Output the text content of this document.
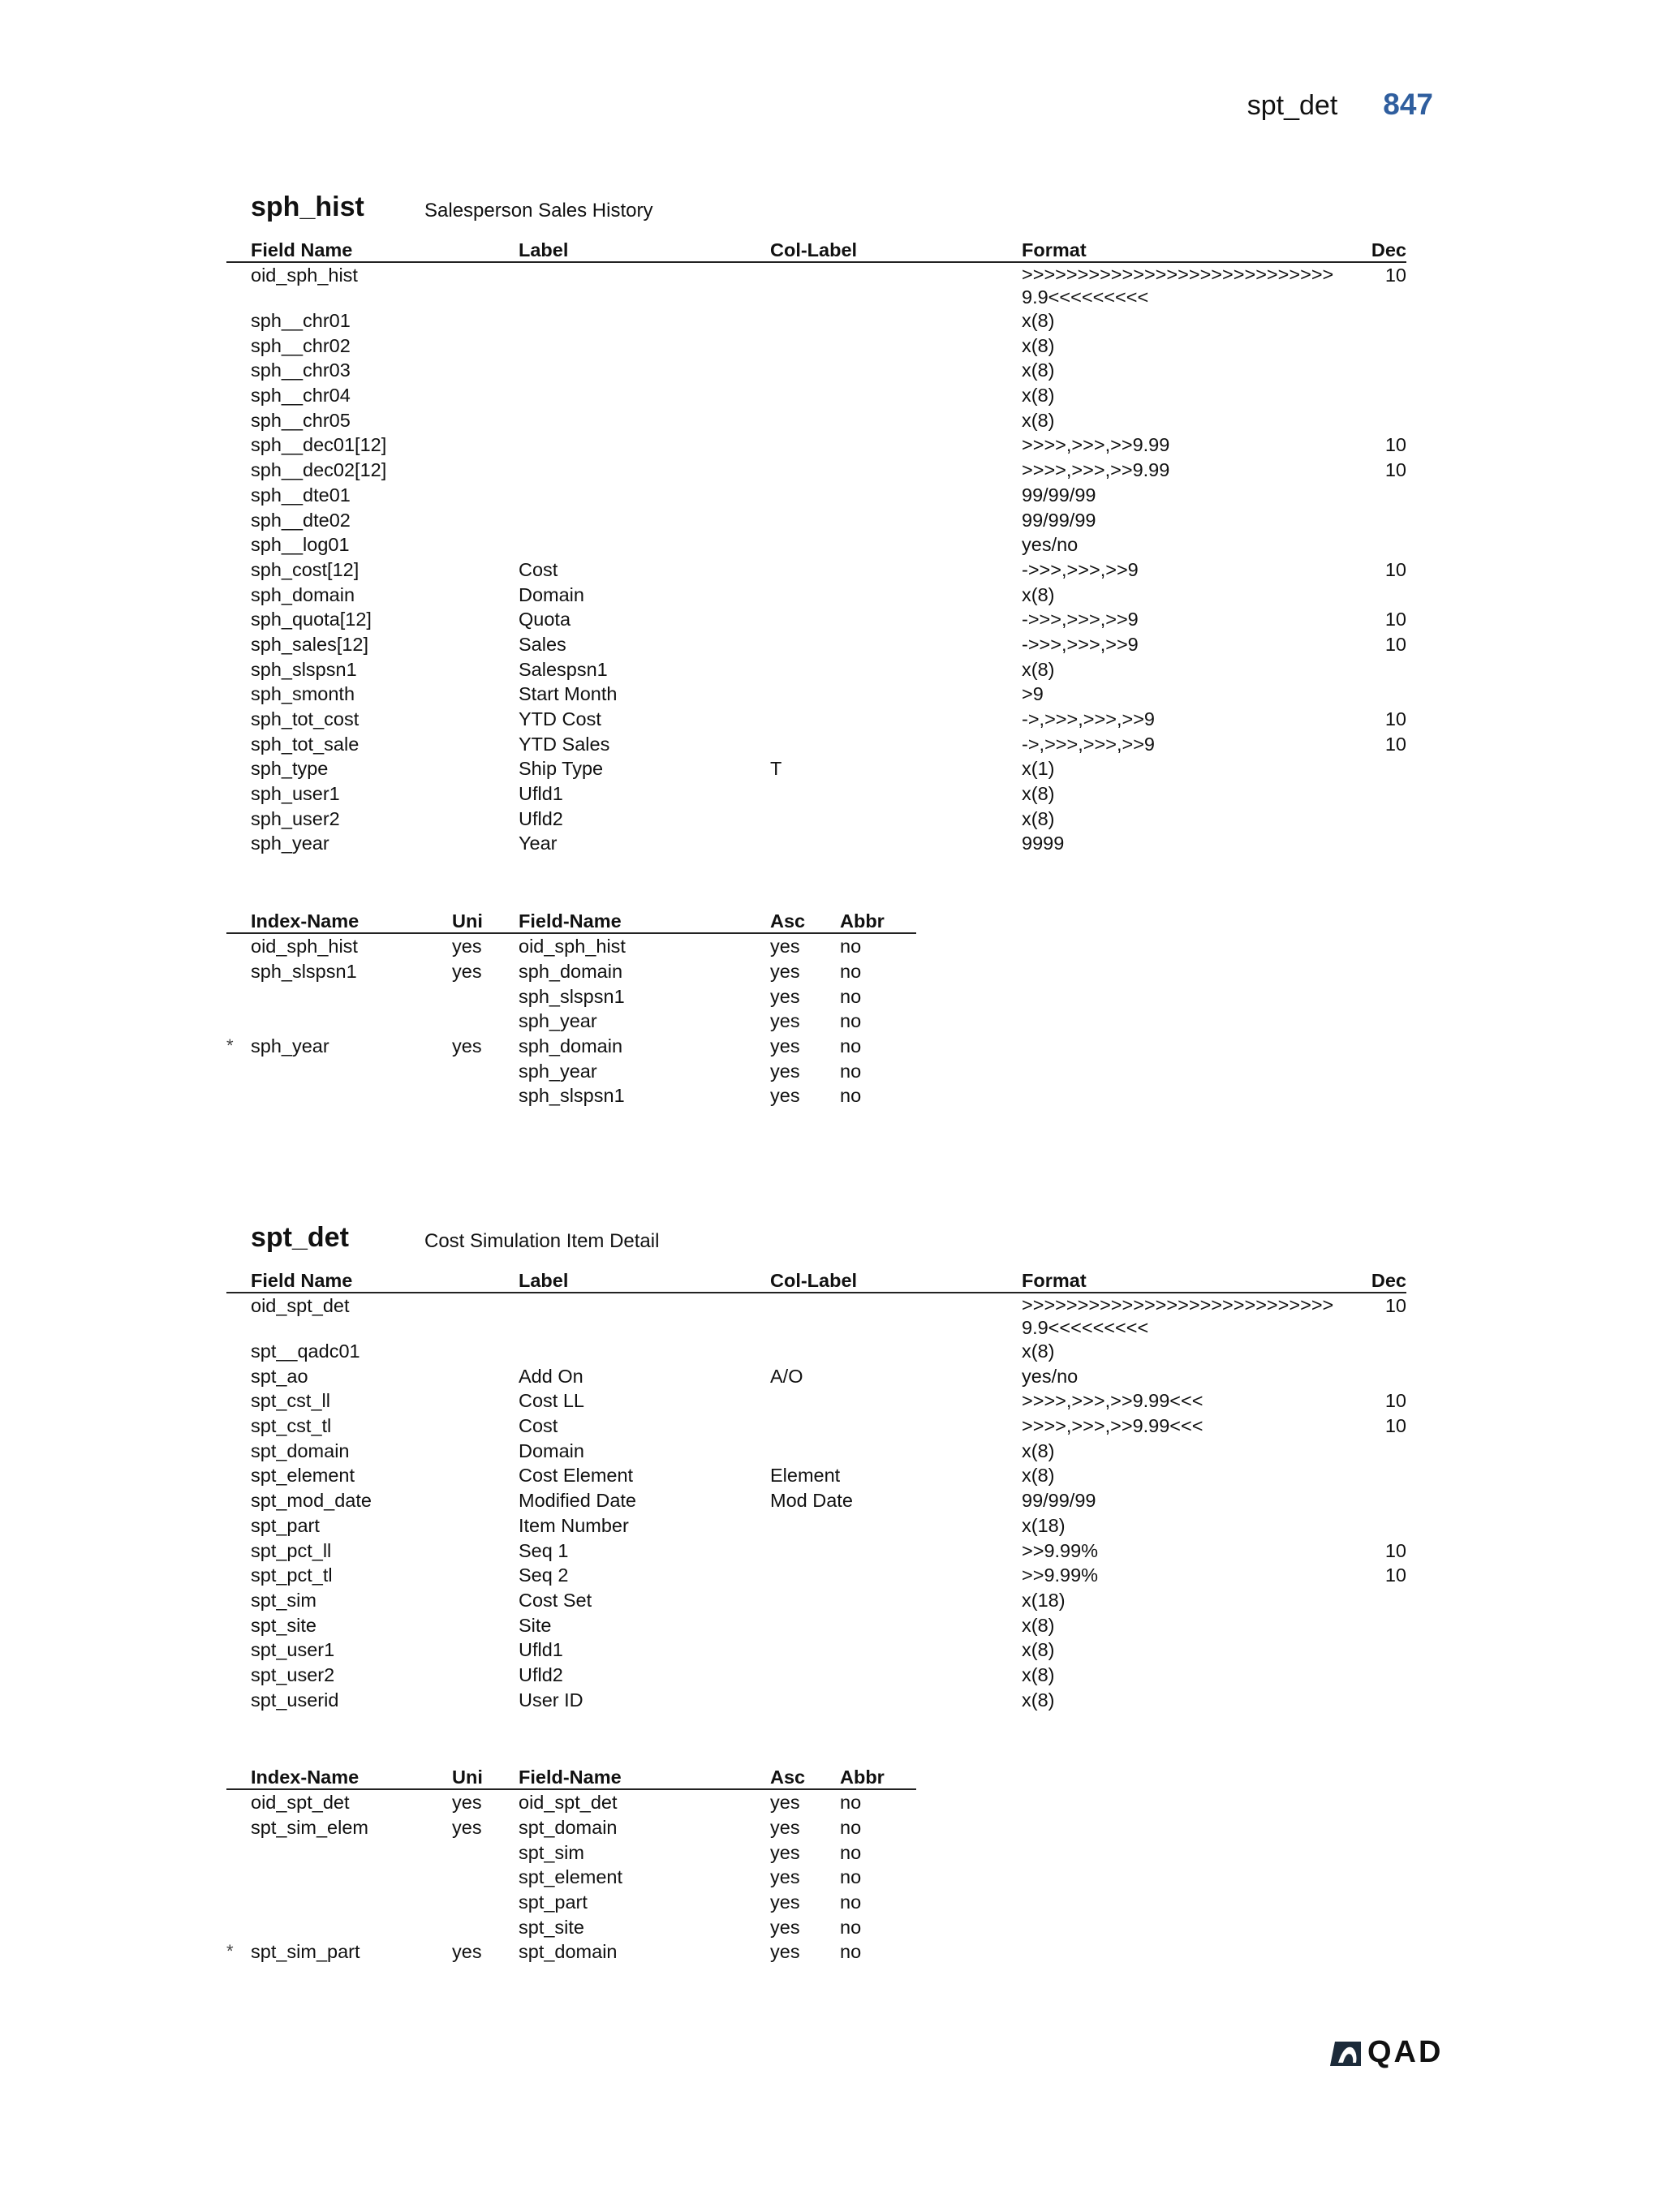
spt_det 847
sph_hist	Salesperson Sales History
Field Name	Label	Col-Label	Format	Dec
oid_sph_hist			>>>>>>>>>>>>>>>>>>>>>>>>>>>>9.9<<<<<<<<<	10
sph__chr01			x(8)	
sph__chr02			x(8)	
sph__chr03			x(8)	
sph__chr04			x(8)	
sph__chr05			x(8)	
sph__dec01[12]			>>>>,>>>,>>9.99	10
sph__dec02[12]			>>>>,>>>,>>9.99	10
sph__dte01			99/99/99	
sph__dte02			99/99/99	
sph__log01			yes/no	
sph_cost[12]	Cost		->>>,>>>,>>9	10
sph_domain	Domain		x(8)	
sph_quota[12]	Quota		->>>,>>>,>>9	10
sph_sales[12]	Sales		->>>,>>>,>>9	10
sph_slspsn1	Salespsn1		x(8)	
sph_smonth	Start Month		>9	
sph_tot_cost	YTD Cost		->,>>>,>>>,>>9	10
sph_tot_sale	YTD Sales		->,>>>,>>>,>>9	10
sph_type	Ship Type	T	x(1)	
sph_user1	Ufld1		x(8)	
sph_user2	Ufld2		x(8)	
sph_year	Year		9999	
Index-Name	Uni	Field-Name	Asc	Abbr
oid_sph_hist	yes	oid_sph_hist	yes	no
sph_slspsn1	yes	sph_domain	yes	no
		sph_slspsn1	yes	no
		sph_year	yes	no

* sph_year	yes	sph_domain	yes	no
		sph_year	yes	no
		sph_slspsn1	yes	no
spt_det	Cost Simulation Item Detail
Field Name	Label	Col-Label	Format	Dec
oid_spt_det			>>>>>>>>>>>>>>>>>>>>>>>>>>>>9.9<<<<<<<<<	10
spt__qadc01			x(8)	
spt_ao	Add On	A/O	yes/no	
spt_cst_ll	Cost LL		>>>>,>>>,>>9.99<<<	10
spt_cst_tl	Cost		>>>>,>>>,>>9.99<<<	10
spt_domain	Domain		x(8)	
spt_element	Cost Element	Element	x(8)	
spt_mod_date	Modified Date	Mod Date	99/99/99	
spt_part	Item Number		x(18)	
spt_pct_ll	Seq 1		>>9.99%	10
spt_pct_tl	Seq 2		>>9.99%	10
spt_sim	Cost Set		x(18)	
spt_site	Site		x(8)	
spt_user1	Ufld1		x(8)	
spt_user2	Ufld2		x(8)	
spt_userid	User ID		x(8)	
Index-Name	Uni	Field-Name	Asc	Abbr
oid_spt_det	yes	oid_spt_det	yes	no
spt_sim_elem	yes	spt_domain	yes	no
		spt_sim	yes	no
		spt_element	yes	no
		spt_part	yes	no
		spt_site	yes	no

* spt_sim_part	yes	spt_domain	yes	no
QAD
